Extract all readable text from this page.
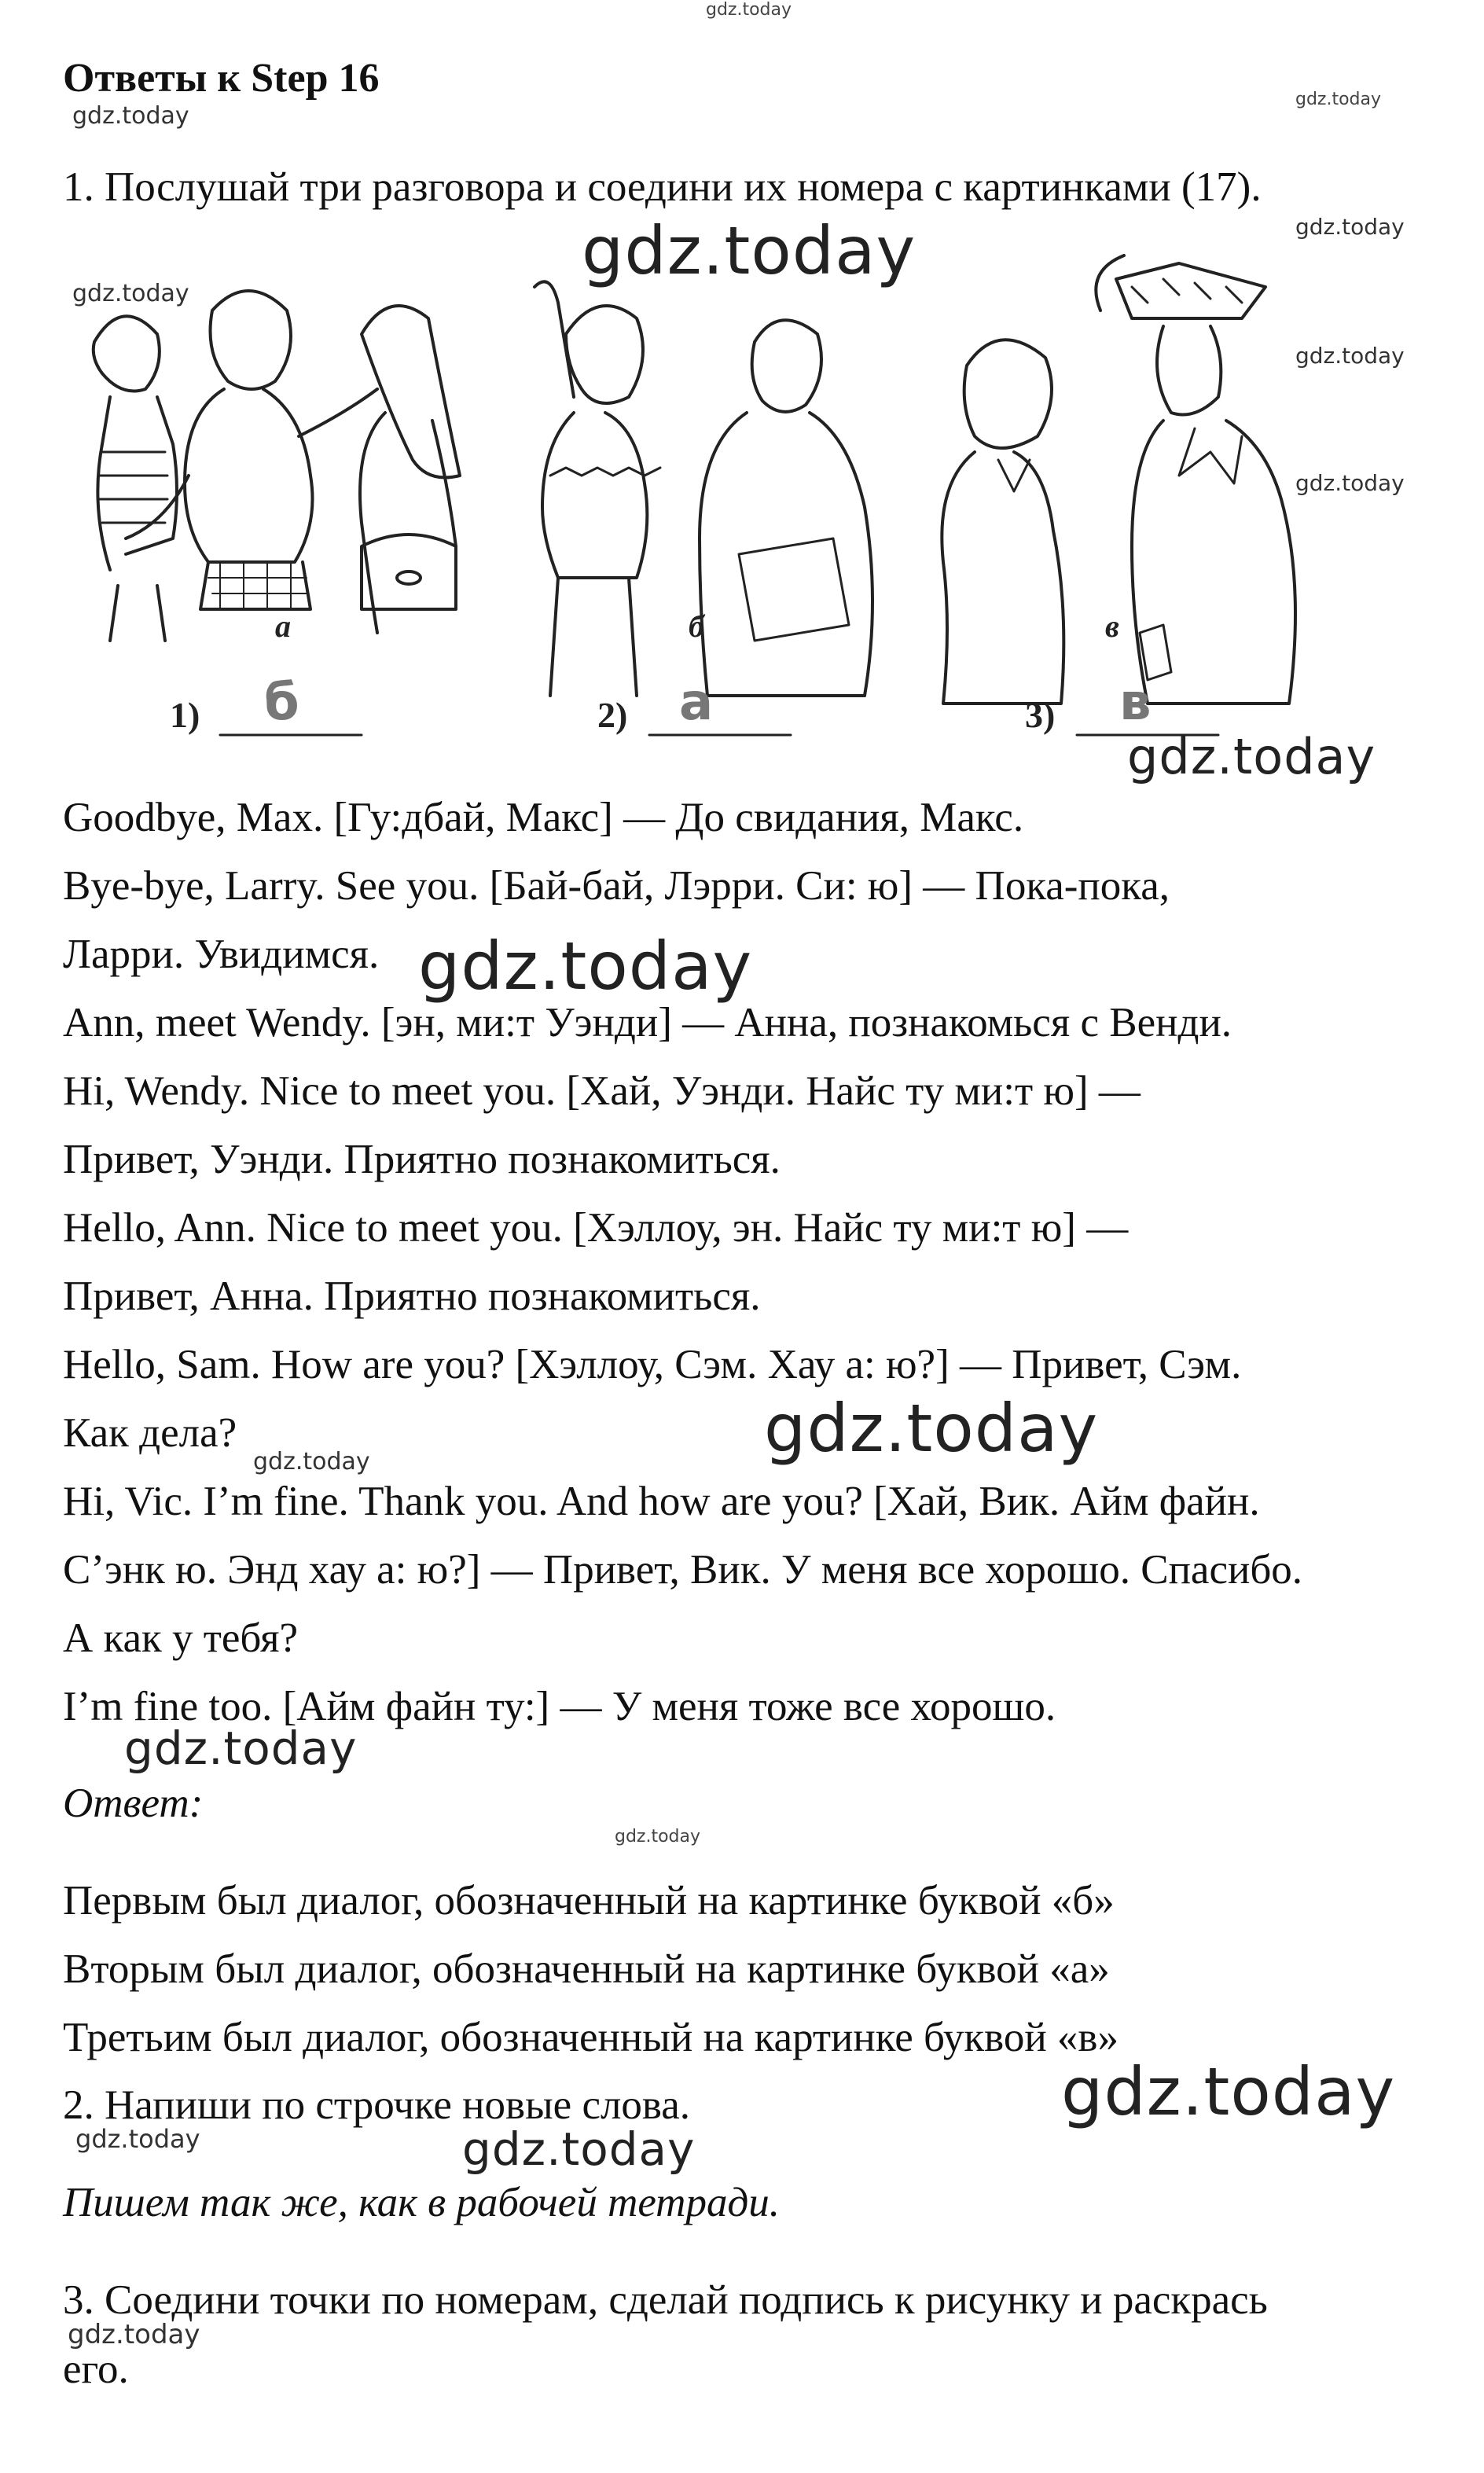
gdz.today
gdz.today
gdz.today
gdz.today
gdz.today
gdz.today
gdz.today
gdz.today
gdz.today
gdz.today
gdz.today
gdz.today
gdz.today
gdz.today
gdz.today
gdz.today	gdz.today
gdz.today
Ответы к Step 16
1. Послушай три разговора и соедини их номера с картинками (17).
а	б	в
1)	2)	3)
б	а	в
Goodbye, Max. [Гу:дбай, Макс] — До свидания, Макс.
Bye-bye, Larry. See you. [Бай-бай, Лэрри. Си: ю] — Пока-пока,
Ларри. Увидимся.
Ann, meet Wendy. [эн, ми:т Уэнди] — Анна, познакомься с Венди.
Hi, Wendy. Nice to meet you. [Хай, Уэнди. Найс ту ми:т ю] —
Привет, Уэнди. Приятно познакомиться.
Hello, Ann. Nice to meet you. [Хэллоу, эн. Найс ту ми:т ю] —
Привет, Анна. Приятно познакомиться.
Hello, Sam. How are you? [Хэллоу, Сэм. Хау а: ю?] — Привет, Сэм.
Как дела?
Hi, Vic. I’m fine. Thank you. And how are you? [Хай, Вик. Айм файн.
С’энк ю. Энд хау а: ю?] — Привет, Вик. У меня все хорошо. Спасибо.
А как у тебя?
I’m fine too. [Айм файн ту:] — У меня тоже все хорошо.
Ответ:
Первым был диалог, обозначенный на картинке буквой «б»
Вторым был диалог, обозначенный на картинке буквой «а»
Третьим был диалог, обозначенный на картинке буквой «в»
2. Напиши по строчке новые слова.
Пишем так же, как в рабочей тетради.
3. Соедини точки по номерам, сделай подпись к рисунку и раскрась
его.
